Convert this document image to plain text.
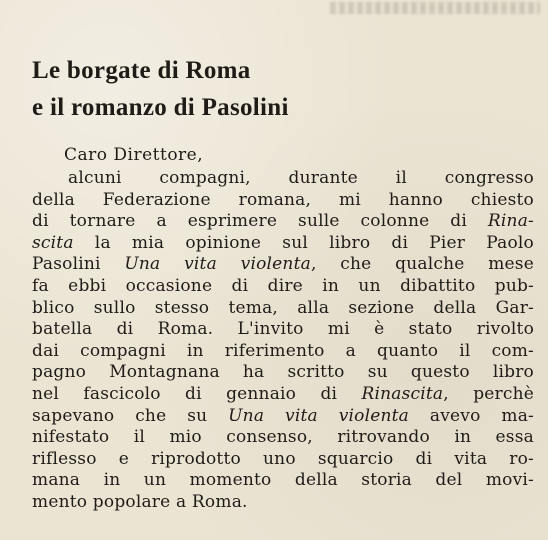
Le borgate di Roma
e il romanzo di Pasolini

Caro Direttore,

alcuni compagni, durante il congresso
della Federazione romana, mi hanno chiesto
di tornare a esprimere sulle colonne di Rina-
scita la mia opinione sul libro di Pier Paolo
Pasolini Una vita violenta, che qualche mese
fa ebbi occasione di dire in un dibattito pub-
blico sullo stesso tema, alla sezione della Gar-
batella di Roma. L'invito mi è stato rivolto
dai compagni in riferimento a quanto il com-
pagno Montagnana ha scritto su questo libro
nel fascicolo di gennaio di Rinascita, perchè
sapevano che su Una vita violenta avevo ma-
nifestato il mio consenso, ritrovando in essa
riflesso e riprodotto uno squarcio di vita ro-
mana in un momento della storia del movi-
mento popolare a Roma.
